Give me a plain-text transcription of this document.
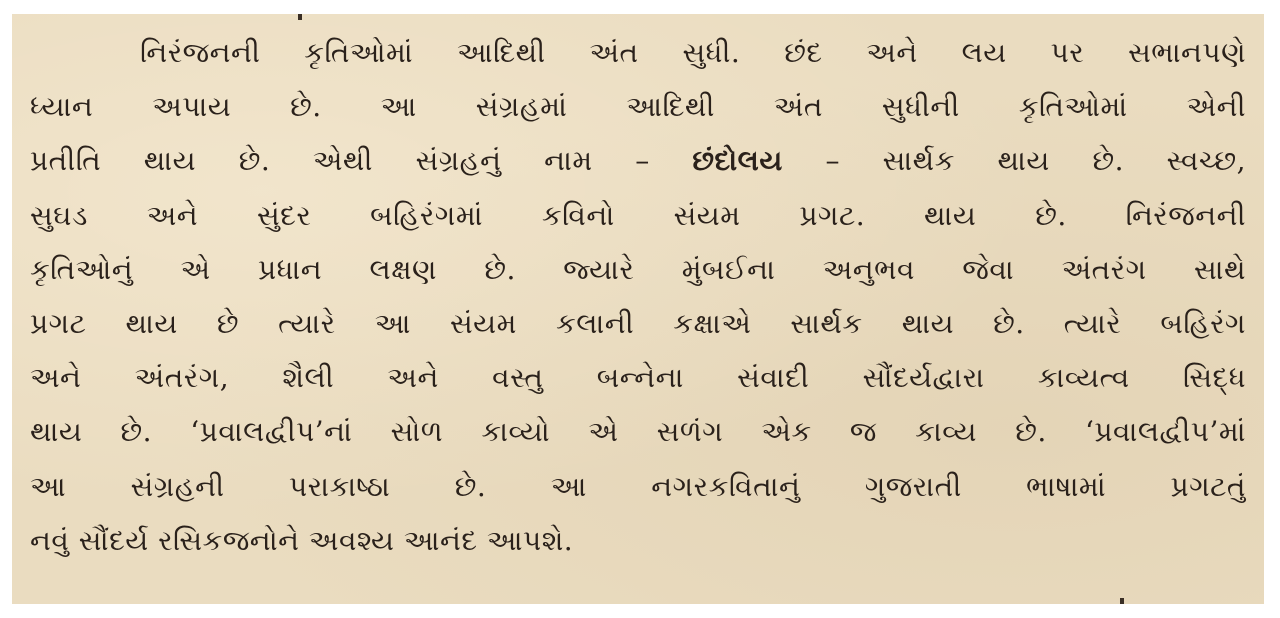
નિરંજનની કૃતિઓમાં આદિથી અંત સુધી. છંદ અને લય પર સભાનપણે
ધ્યાન અપાય છે. આ સંગ્રહમાં આદિથી અંત સુધીની કૃતિઓમાં એની
પ્રતીતિ થાય છે. એથી સંગ્રહનું નામ – છંદોલય – સાર્થક થાય છે. સ્વચ્છ,
સુઘડ અને સુંદર બહિરંગમાં કવિનો સંયમ પ્રગટ. થાય છે. નિરંજનની
કૃતિઓનું એ પ્રધાન લક્ષણ છે. જ્યારે મુંબઈના અનુભવ જેવા અંતરંગ સાથે
પ્રગટ થાય છે ત્યારે આ સંયમ કલાની કક્ષાએ સાર્થક થાય છે. ત્યારે બહિરંગ
અને અંતરંગ, શૈલી અને વસ્તુ બન્નેના સંવાદી સૌંદર્યદ્વારા કાવ્યત્વ સિદ્ધ
થાય છે. ‘પ્રવાલદ્વીપ’નાં સોળ કાવ્યો એ સળંગ એક જ કાવ્ય છે. ‘પ્રવાલદ્વીપ’માં
આ સંગ્રહની પરાકાષ્ઠા છે. આ નગરકવિતાનું ગુજરાતી ભાષામાં પ્રગટતું
નવું સૌંદર્ય રસિકજનોને અવશ્ય આનંદ આપશે.
